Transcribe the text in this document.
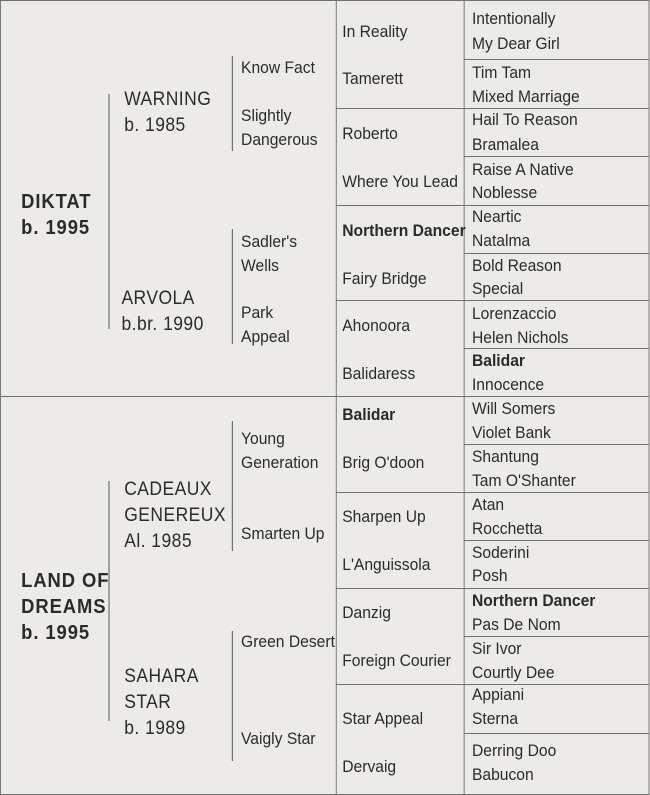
DIKTAT
b. 1995
LAND OF
DREAMS
b. 1995
WARNING
b. 1985
ARVOLA
b.br. 1990
CADEAUX
GENEREUX
Al. 1985
SAHARA
STAR
b. 1989
Know Fact
Slightly
Dangerous
Sadler's
Wells
Park
Appeal
Young
Generation
Smarten Up
Green Desert
Vaigly Star
In Reality
Tamerett
Roberto
Where You Lead
Northern Dancer
Fairy Bridge
Ahonoora
Balidaress
Balidar
Brig O'doon
Sharpen Up
L'Anguissola
Danzig
Foreign Courier
Star Appeal
Dervaig
Intentionally
My Dear Girl
Tim Tam
Mixed Marriage
Hail To Reason
Bramalea
Raise A Native
Noblesse
Neartic
Natalma
Bold Reason
Special
Lorenzaccio
Helen Nichols
Balidar
Innocence
Will Somers
Violet Bank
Shantung
Tam O'Shanter
Atan
Rocchetta
Soderini
Posh
Northern Dancer
Pas De Nom
Sir Ivor
Courtly Dee
Appiani
Sterna
Derring Doo
Babucon
